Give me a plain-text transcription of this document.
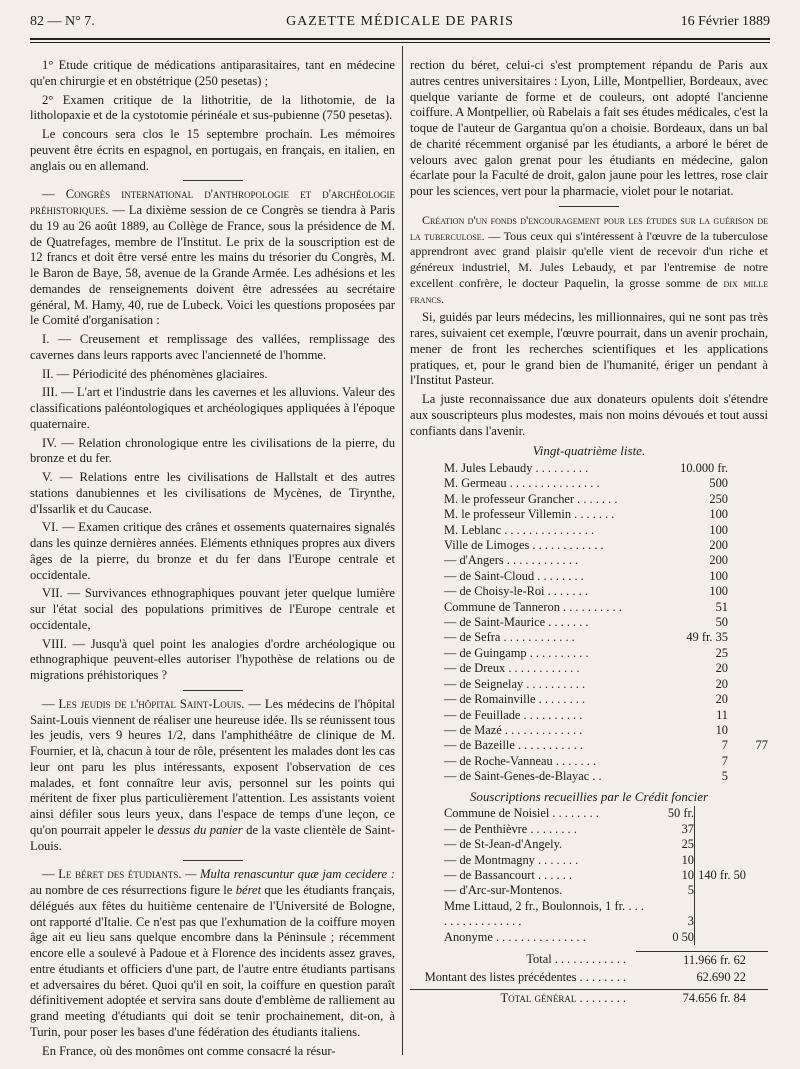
82 — N° 7.	GAZETTE MÉDICALE DE PARIS	16 Février 1889

1° Etude critique de médications antiparasitaires, tant en médecine qu'en chirurgie et en obstétrique (250 pesetas) ;

2° Examen critique de la lithotritie, de la lithotomie, de la litholopaxie et de la cystotomie périnéale et sus-pubienne (750 pesetas).

Le concours sera clos le 15 septembre prochain. Les mémoires peuvent être écrits en espagnol, en portugais, en français, en italien, en anglais ou en allemand.

— Congrès international d'anthropologie et d'archéologie préhistoriques. — La dixième session de ce Congrès se tiendra à Paris du 19 au 26 août 1889, au Collège de France, sous la présidence de M. de Quatrefages, membre de l'Institut. Le prix de la souscription est de 12 francs et doit être versé entre les mains du trésorier du Congrès, M. le Baron de Baye, 58, avenue de la Grande Armée. Les adhésions et les demandes de renseignements doivent être adressées au secrétaire général, M. Hamy, 40, rue de Lubeck. Voici les questions proposées par le Comité d'organisation :

I. — Creusement et remplissage des vallées, remplissage des cavernes dans leurs rapports avec l'ancienneté de l'homme.

II. — Périodicité des phénomènes glaciaires.

III. — L'art et l'industrie dans les cavernes et les alluvions. Valeur des classifications paléontologiques et archéologiques appliquées à l'époque quaternaire.

IV. — Relation chronologique entre les civilisations de la pierre, du bronze et du fer.

V. — Relations entre les civilisations de Hallstalt et des autres stations danubiennes et les civilisations de Mycènes, de Tirynthe, d'Issarlik et du Caucase.

VI. — Examen critique des crânes et ossements quaternaires signalés dans les quinze dernières années. Eléments ethniques propres aux divers âges de la pierre, du bronze et du fer dans l'Europe centrale et occidentale.

VII. — Survivances ethnographiques pouvant jeter quelque lumière sur l'état social des populations primitives de l'Europe centrale et occidentale,

VIII. — Jusqu'à quel point les analogies d'ordre archéologique ou ethnographique peuvent-elles autoriser l'hypothèse de relations ou de migrations préhistoriques ?

— Les jeudis de l'hôpital Saint-Louis. — Les médecins de l'hôpital Saint-Louis viennent de réaliser une heureuse idée. Ils se réunissent tous les jeudis, vers 9 heures 1/2, dans l'amphithéâtre de clinique de M. Fournier, et là, chacun à tour de rôle, présentent les malades dont les cas leur ont paru les plus intéressants, exposent l'observation de ces malades, et font connaître leur avis, personnel sur les points qui méritent de fixer plus particulièrement l'attention. Les assistants voient ainsi défiler sous leurs yeux, dans l'espace de temps d'une leçon, ce qu'on pourrait appeler le dessus du panier de la vaste clientèle de Saint-Louis.

— Le béret des étudiants. — Multa renascuntur quæ jam cecidere : au nombre de ces résurrections figure le béret que les étudiants français, délégués aux fêtes du huitième centenaire de l'Université de Bologne, ont rapporté d'Italie. Ce n'est pas que l'exhumation de la coiffure moyen âge ait eu lieu sans quelque encombre dans la Péninsule ; récemment encore elle a soulevé à Padoue et à Florence des incidents assez graves, entre étudiants et officiers d'une part, de l'autre entre étudiants partisans et adversaires du béret. Quoi qu'il en soit, la coiffure en question paraît définitivement adoptée et servira sans doute d'emblème de ralliement au grand meeting d'étudiants qui doit se tenir prochainement, dit-on, à Turin, pour poser les bases d'une fédération des étudiants italiens.

En France, où des monômes ont comme consacré la résur-

rection du béret, celui-ci s'est promptement répandu de Paris aux autres centres universitaires : Lyon, Lille, Montpellier, Bordeaux, avec quelque variante de forme et de couleurs, ont adopté l'ancienne coiffure. A Montpellier, où Rabelais a fait ses études médicales, c'est la toque de l'auteur de Gargantua qu'on a choisie. Bordeaux, dans un bal de charité récemment organisé par les étudiants, a arboré le béret de velours avec galon grenat pour les étudiants en médecine, galon écarlate pour la Faculté de droit, galon jaune pour les lettres, rose clair pour les sciences, vert pour la pharmacie, violet pour le notariat.

Création d'un fonds d'encouragement pour les études sur la guérison de la tuberculose. — Tous ceux qui s'intéressent à l'œuvre de la tuberculose apprendront avec grand plaisir qu'elle vient de recevoir d'un riche et généreux industriel, M. Jules Lebaudy, et par l'entremise de notre excellent confrère, le docteur Paquelin, la grosse somme de dix mille francs.

Si, guidés par leurs médecins, les millionnaires, qui ne sont pas très rares, suivaient cet exemple, l'œuvre pourrait, dans un avenir prochain, mener de front les recherches scientifiques et les applications pratiques, et, pour le grand bien de l'humanité, ériger un pendant à l'Institut Pasteur.

La juste reconnaissance due aux donateurs opulents doit s'étendre aux souscripteurs plus modestes, mais non moins dévoués et tout aussi confiants dans l'avenir.

Vingt-quatrième liste.
M. Jules Lebaudy . . . . . . . . .	10.000 fr.	
M. Germeau . . . . . . . . . . . . . . .	500	
M. le professeur Grancher . . . . . . .	250	
M. le professeur Villemin . . . . . . .	100	
M. Leblanc . . . . . . . . . . . . . . .	100	
Ville de Limoges . . . . . . . . . . . .	200	
— d'Angers . . . . . . . . . . . .	200	
— de Saint-Cloud . . . . . . . .	100	
— de Choisy-le-Roi . . . . . . .	100	
Commune de Tanneron . . . . . . . . . .	51	
— de Saint-Maurice . . . . . . .	50	
— de Sefra . . . . . . . . . . . .	49 fr. 35	
— de Guingamp . . . . . . . . . .	25	
— de Dreux . . . . . . . . . . . .	20	
— de Seignelay . . . . . . . . . .	20	
— de Romainville . . . . . . . .	20	
— de Feuillade . . . . . . . . . .	11	
— de Mazé . . . . . . . . . . . . .	10	
— de Bazeille . . . . . . . . . . .	7	77
— de Roche-Vanneau . . . . . . .	7	
— de Saint-Genes-de-Blayac . .	5	
Souscriptions recueillies par le Crédit foncier
Commune de Noisiel . . . . . . . .	50 fr.	140 fr. 50
— de Penthièvre . . . . . . . .	37	
— de St-Jean-d'Angely.	25	
— de Montmagny . . . . . . .	10	
— de Bassancourt . . . . . .	10	
— d'Arc-sur-Montenos.	5	
Mme Littaud, 2 fr., Boulonnois, 1 fr. . . . . . . . . . . . . . . . .	3	
Anonyme . . . . . . . . . . . . . . .	0 50	
Total . . . . . . . . . . . .	11.966 fr. 62
Montant des listes précédentes . . . . . . . .	62.690 22
Total général . . . . . . . .	74.656 fr. 84
